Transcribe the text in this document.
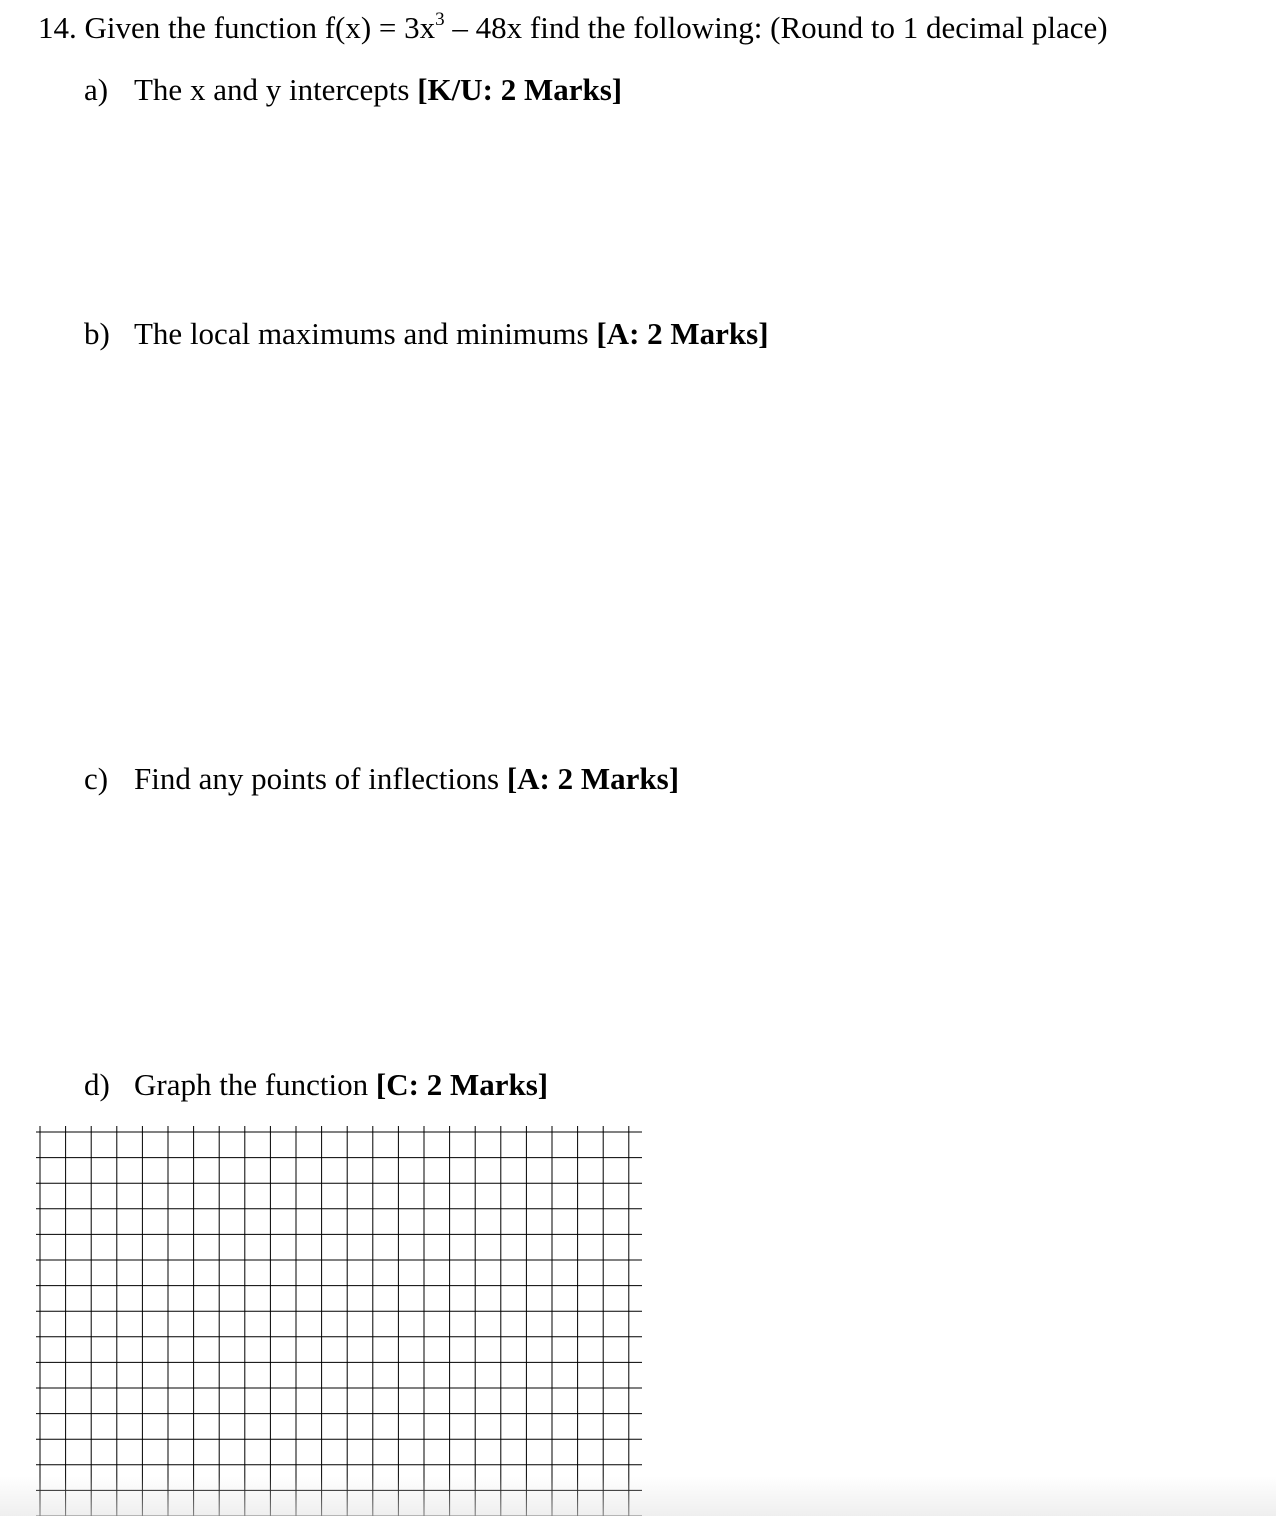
14. Given the function $f(x) = 3x^3 - 48x$ find the following: (Round to 1 decimal place)
a) The x and y intercepts [K/U: 2 Marks]
b) The local maximums and minimums [A: 2 Marks]
c) Find any points of inflections [A: 2 Marks]
d) Graph the function [C: 2 Marks]
